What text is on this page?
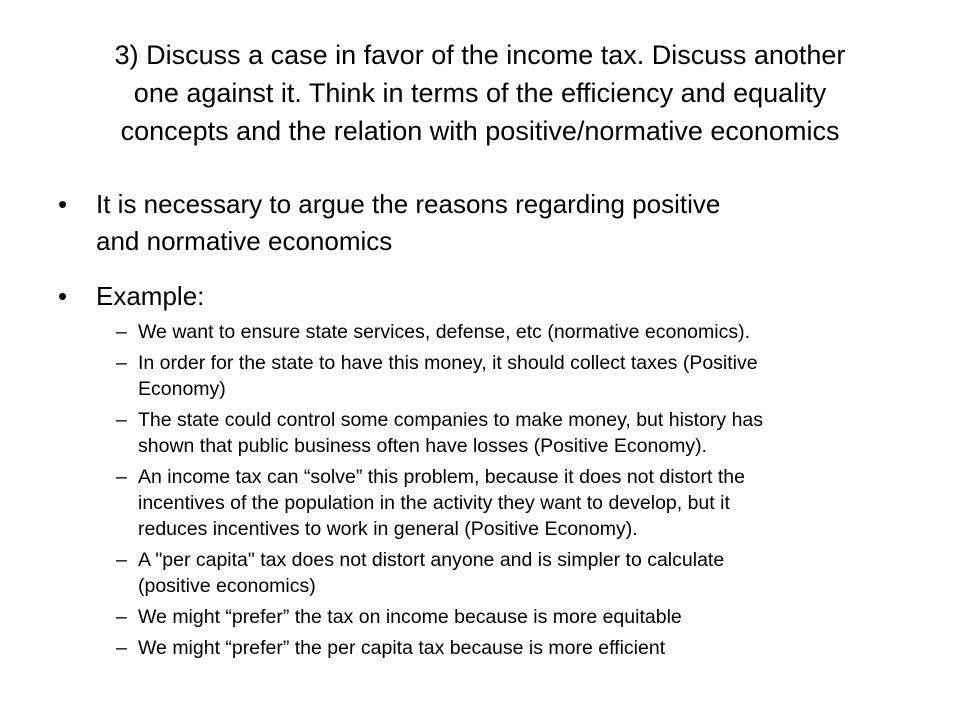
3) Discuss a case in favor of the income tax. Discuss another
one against it. Think in terms of the efficiency and equality
concepts and the relation with positive/normative economics
• It is necessary to argue the reasons regarding positive
and normative economics
• Example:
– We want to ensure state services, defense, etc (normative economics).
– In order for the state to have this money, it should collect taxes (Positive
Economy)
– The state could control some companies to make money, but history has
shown that public business often have losses (Positive Economy).
– An income tax can “solve” this problem, because it does not distort the
incentives of the population in the activity they want to develop, but it
reduces incentives to work in general (Positive Economy).
– A "per capita" tax does not distort anyone and is simpler to calculate
(positive economics)
– We might “prefer” the tax on income because is more equitable
– We might “prefer” the per capita tax because is more efficient
